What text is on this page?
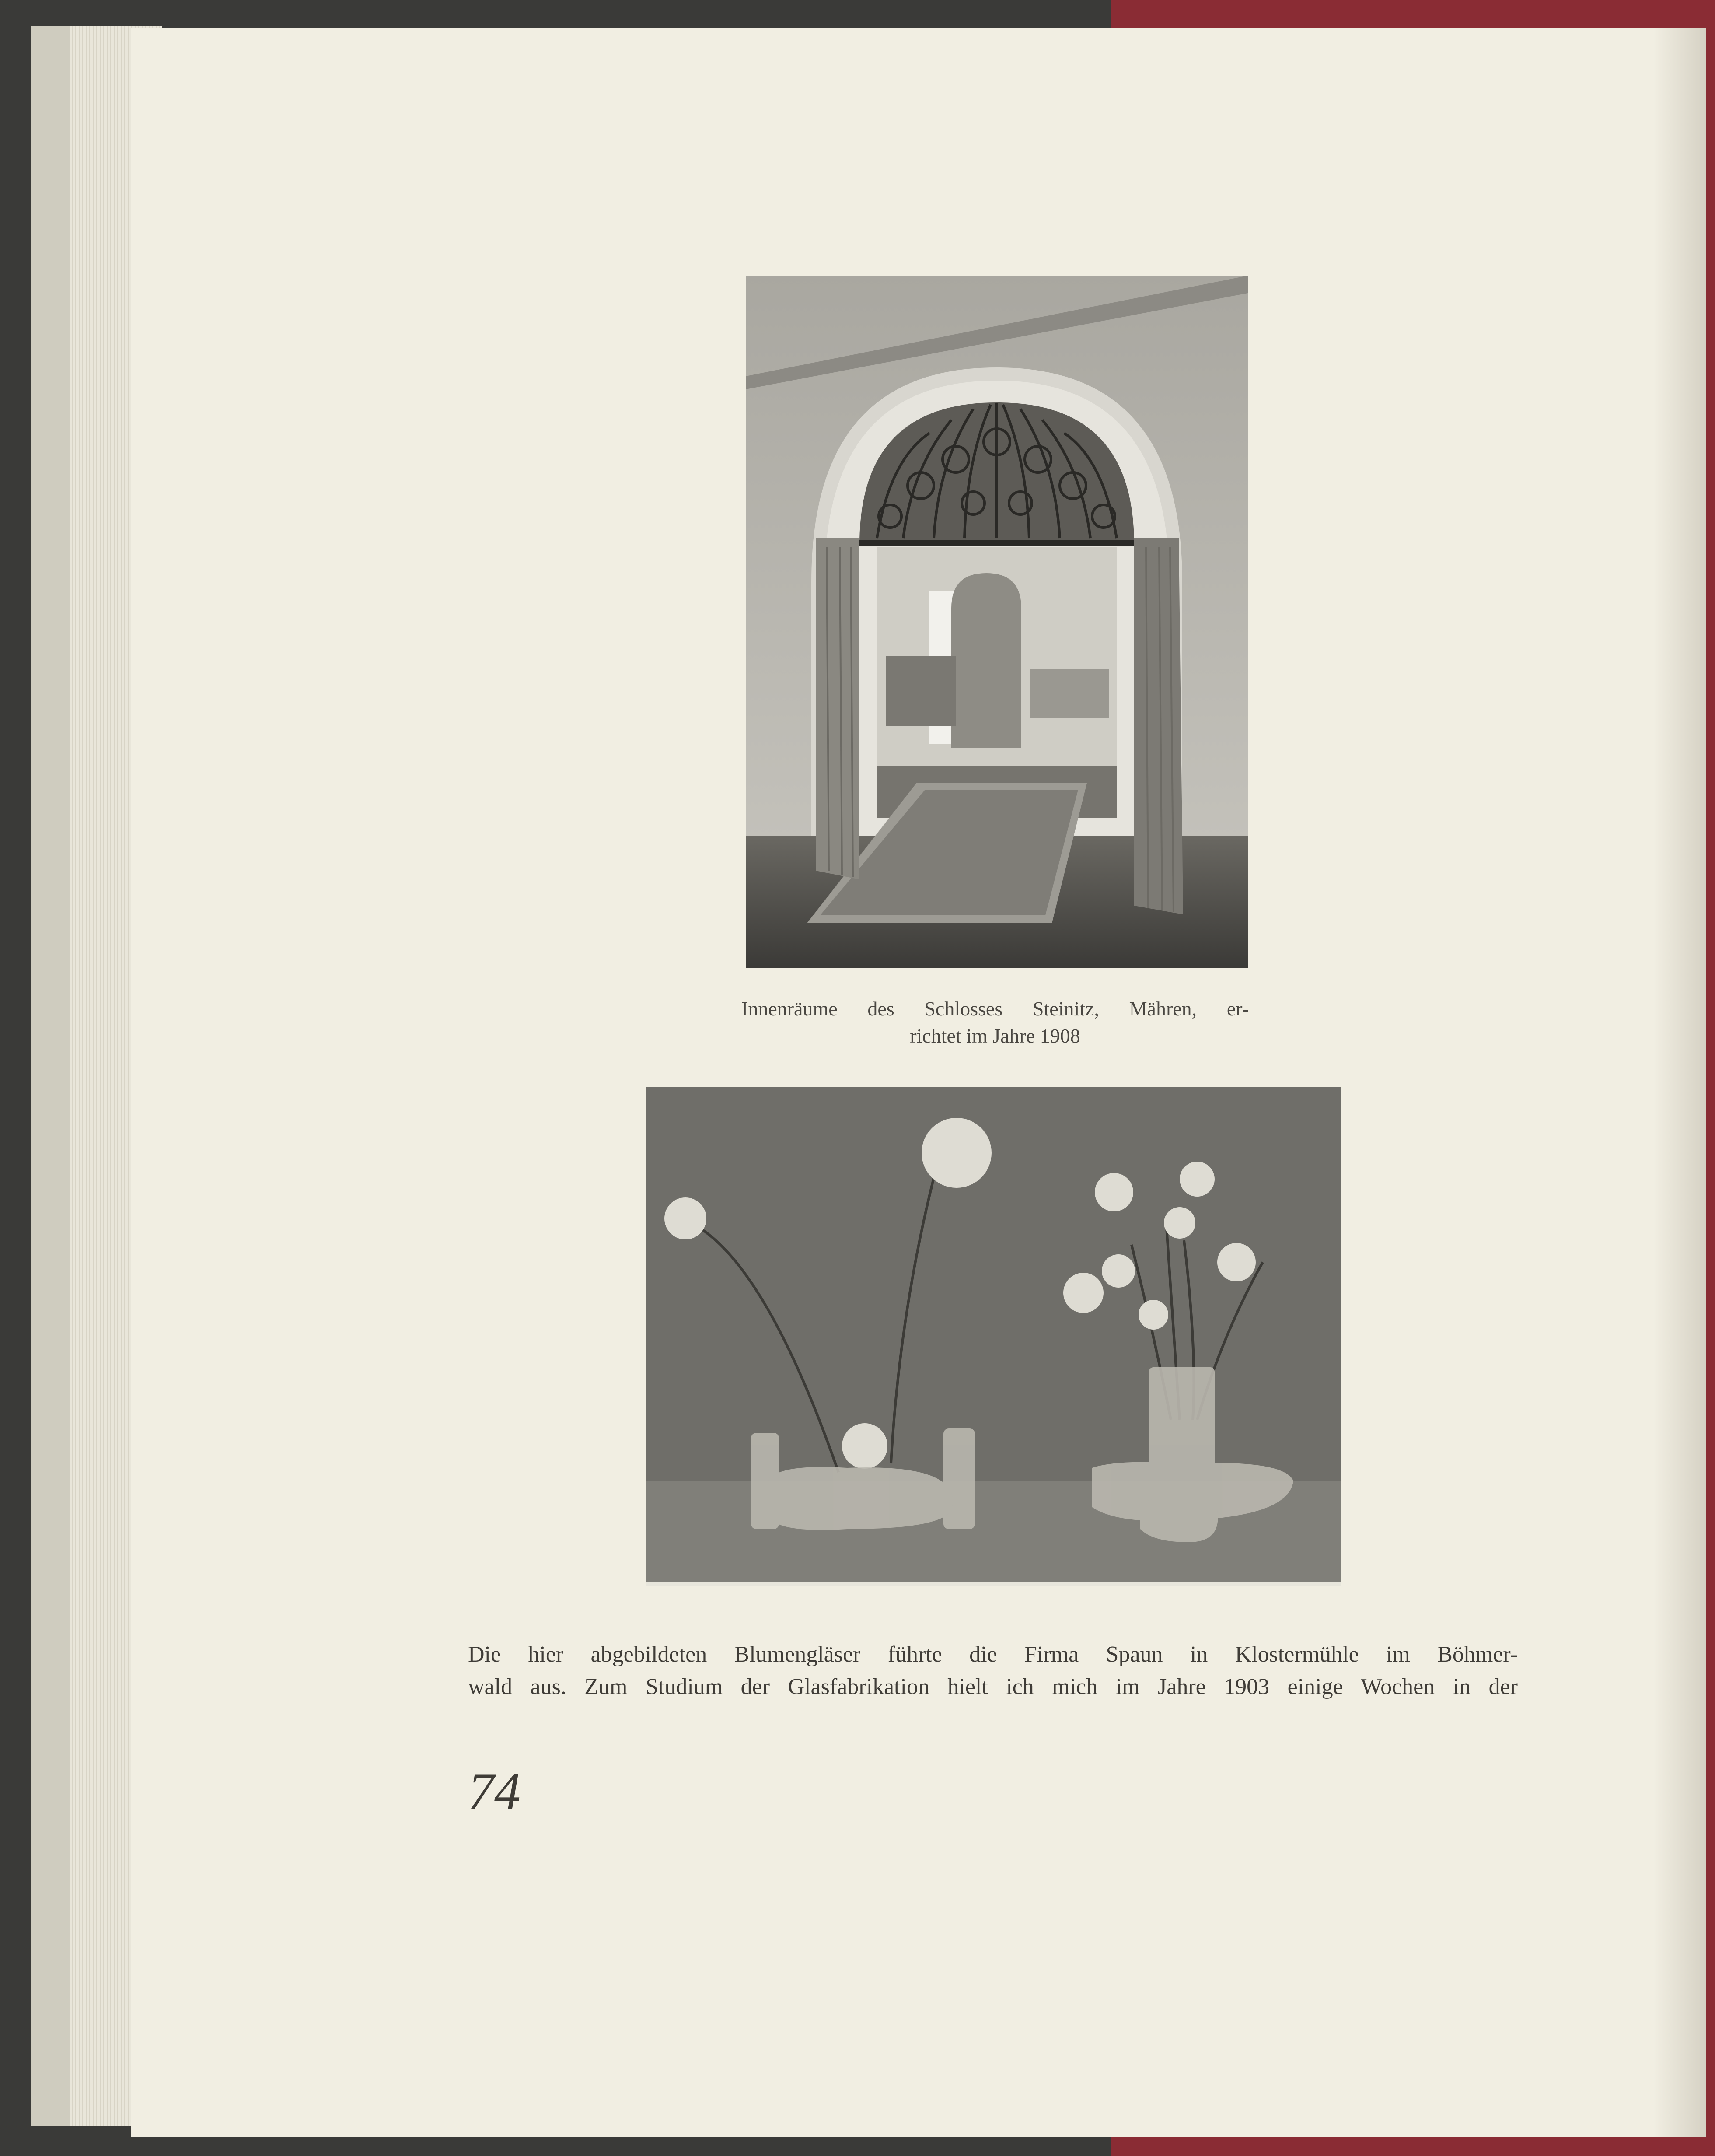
Innenräume des Schlosses Steinitz, Mähren, er-
richtet im Jahre 1908
Die hier abgebildeten Blumengläser führte die Firma Spaun in Klostermühle im Böhmer-
wald aus. Zum Studium der Glasfabrikation hielt ich mich im Jahre 1903 einige Wochen in der
74
